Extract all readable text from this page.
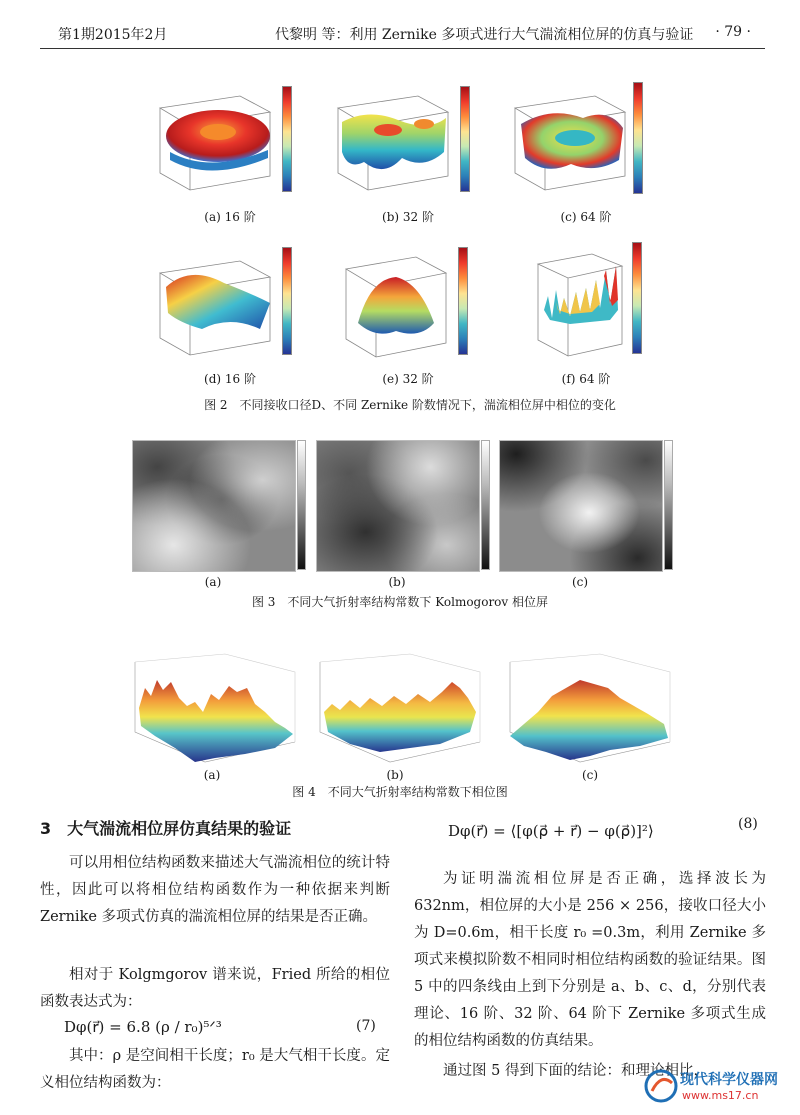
第1期2015年2月	代黎明 等：利用 Zernike 多项式进行大气湍流相位屏的仿真与验证 · 79 ·
(a) 16 阶	(b) 32 阶	(c) 64 阶
(d) 16 阶	(e) 32 阶	(f) 64 阶
图 2　不同接收口径D、不同 Zernike 阶数情况下，湍流相位屏中相位的变化
(a)	(b)	(c)
图 3　不同大气折射率结构常数下 Kolmogorov 相位屏
(a)	(b)	(c)
图 4　不同大气折射率结构常数下相位图
3　大气湍流相位屏仿真结果的验证
可以用相位结构函数来描述大气湍流相位的统计特性，因此可以将相位结构函数作为一种依据来判断 Zernike 多项式仿真的湍流相位屏的结果是否正确。
相对于 Kolgmgorov 谱来说，Fried 所给的相位函数表达式为：
Dφ(r⃗) = 6.8 (ρ / r₀)⁵ᐟ³	(7)
其中：ρ 是空间相干长度；r₀ 是大气相干长度。定义相位结构函数为：
Dφ(r⃗) = ⟨[φ(ρ⃗ + r⃗) − φ(ρ⃗)]²⟩	(8)
为证明湍流相位屏是否正确，选择波长为 632nm，相位屏的大小是 256 × 256，接收口径大小为 D=0.6m，相干长度 r₀ =0.3m，利用 Zernike 多项式来模拟阶数不相同时相位结构函数的验证结果。图 5 中的四条线由上到下分别是 a、b、c、d，分别代表理论、16 阶、32 阶、64 阶下 Zernike 多项式生成的相位结构函数的仿真结果。
通过图 5 得到下面的结论：和理论相比，
现代科学仪器网
www.ms17.cn
